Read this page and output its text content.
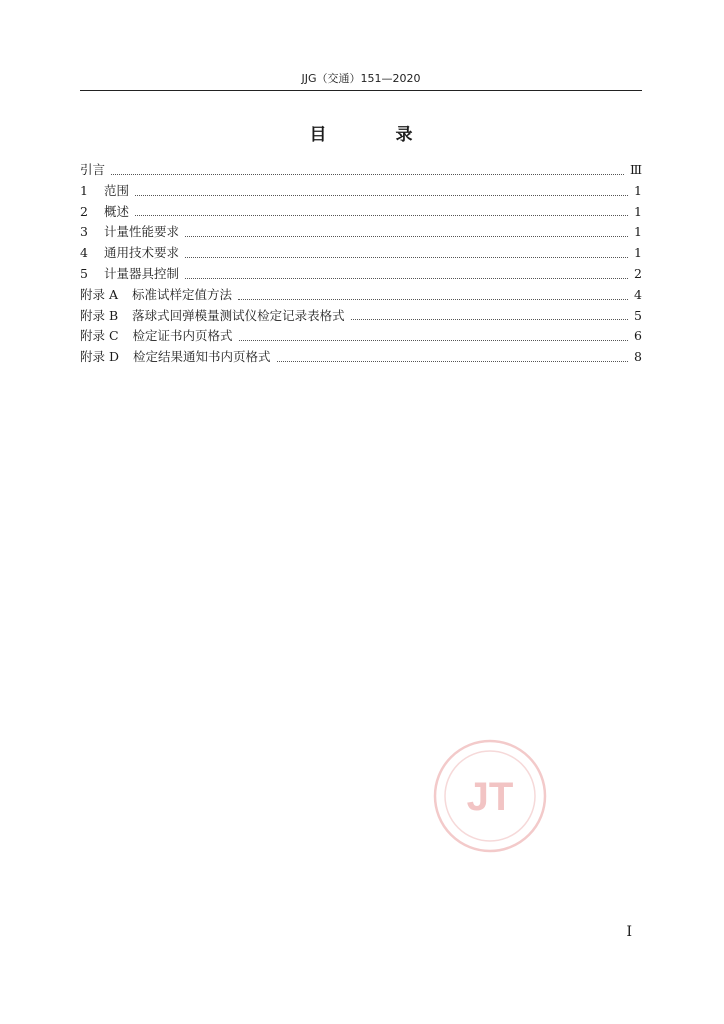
JJG（交通）151—2020
目　录
引言	Ⅲ
1 范围	1
2 概述	1
3 计量性能要求	1
4 通用技术要求	1
5 计量器具控制	2
附录 A 标准试样定值方法	4
附录 B 落球式回弹模量测试仪检定记录表格式	5
附录 C 检定证书内页格式	6
附录 D 检定结果通知书内页格式	8
JT
Ⅰ
